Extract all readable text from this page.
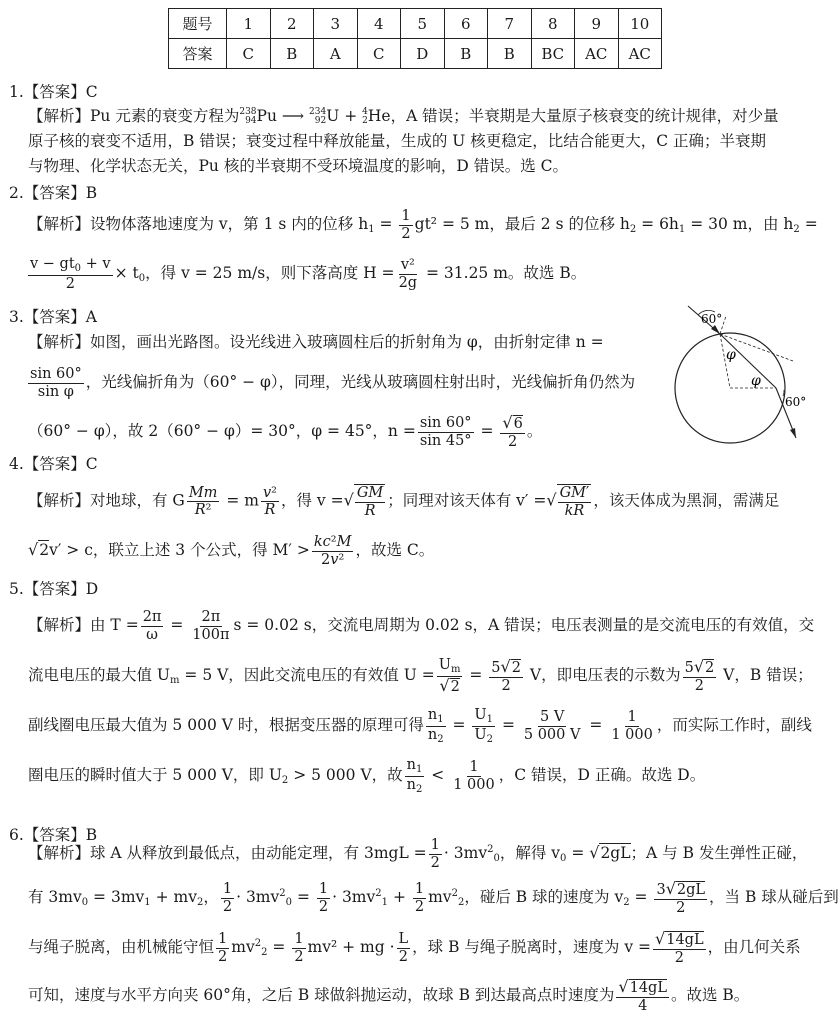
题号	1	2	3	4	5	6	7	8	9	10
答案	C	B	A	C	D	B	B	BC	AC	AC
1.【答案】C
【解析】Pu 元素的衰变方程为 238
94 Pu ⟶ 234
92 U + 4
2 He，A 错误；半衰期是大量原子核衰变的统计规律，对少量
原子核的衰变不适用，B 错误；衰变过程中释放能量，生成的 U 核更稳定，比结合能更大，C 正确；半衰期
与物理、化学状态无关，Pu 核的半衰期不受环境温度的影响，D 错误。选 C。
2.【答案】B
【解析】设物体落地速度为 v，第 1 s 内的位移 $h_1 = \frac{1}{2} gt^2 = 5$ m，最后 2 s 的位移 $h_2 = 6h_1 = 30$ m，由 $h_2$ =
$\frac{v - gt_0 + v}{2} \times t_0$，得 v = 25 m/s，则下落高度 $H = \frac{\text{v²}}{2g} = 31.25$ m。故选 B。
3.【答案】A
【解析】如图，画出光路图。设光线进入玻璃圆柱后的折射角为 φ，由折射定律 n =
$\frac{\sin 60^\circ}{\text{sin φ}}$ ，光线偏折角为（60° − φ），同理，光线从玻璃圆柱射出时，光线偏折角仍然为
（60° − φ），故 2（60° − φ）= 30°，φ = 45°，$n = \frac{\sin 60^\circ}{\sin 45^\circ} = \frac{√6}{2}$ 。
60°
φ
φ
60°
4.【答案】C
【解析】对地球，有 G $\frac{Mm}{\text{R²}} = m \frac{\text{v²}}{R}$ ，得 v =√ $\frac{GM}{R}$ ；同理对该天体有 v′ =√ $\frac{GM'}{kR}$ ，该天体成为黑洞，需满足
√2v′ > c，联立上述 3 个公式，得 $M' > \frac{\text{kc²M}}{\text{2v²}}$ ，故选 C。
5.【答案】D
【解析】由 $T = \frac{2\pi}{\omega} = \frac{2\pi}{100\pi}$ s = 0.02 s，交流电周期为 0.02 s，A 错误；电压表测量的是交流电压的有效值，交
流电电压的最大值 $U_m = 5$ V，因此交流电压的有效值 $U = \frac{U_m}{√2} = \frac{5√2}{2}$ V，即电压表的示数为 $\frac{5√2}{2}$ V，B 错误；
副线圈电压最大值为 5 000 V 时，根据变压器的原理可得 $\frac{n_1}{n_2} = \frac{U_1}{U_2} = \frac{5 V}{5 000 V} = \frac{1}{1 000}$ ，而实际工作时，副线
圈电压的瞬时值大于 5 000 V，即 $U_2 > 5$ 000 V，故 $\frac{n_1}{n_2} < \frac{1}{1 000}$ ，C 错误，D 正确。故选 D。
6.【答案】B
【解析】球 A 从释放到最低点，由动能定理，有 $3mgL = \frac{1}{2} \cdot 3mv^2_0$，解得 $v_0 = √2gL$；A 与 B 发生弹性正碰，
有 $3mv_0 = 3mv_1 + mv_2$， $\frac{1}{2} \cdot 3mv^2_0 = \frac{1}{2} \cdot 3mv^2_1 + \frac{1}{2} mv^2_2$，碰后 B 球的速度为 $v_2 = \frac{3√2gL}{2}$ ，当 B 球从碰后到
与绳子脱离，由机械能守恒 $\frac{1}{2} mv^2_2 = \frac{1}{2} mv^2$ + mg · $\frac{L}{2}$ ，球 B 与绳子脱离时，速度为 $v = \frac{√14gL}{2}$ ，由几何关系
可知，速度与水平方向夹 60°角，之后 B 球做斜抛运动，故球 B 到达最高点时速度为 $\frac{√14gL}{4}$ 。故选 B。
